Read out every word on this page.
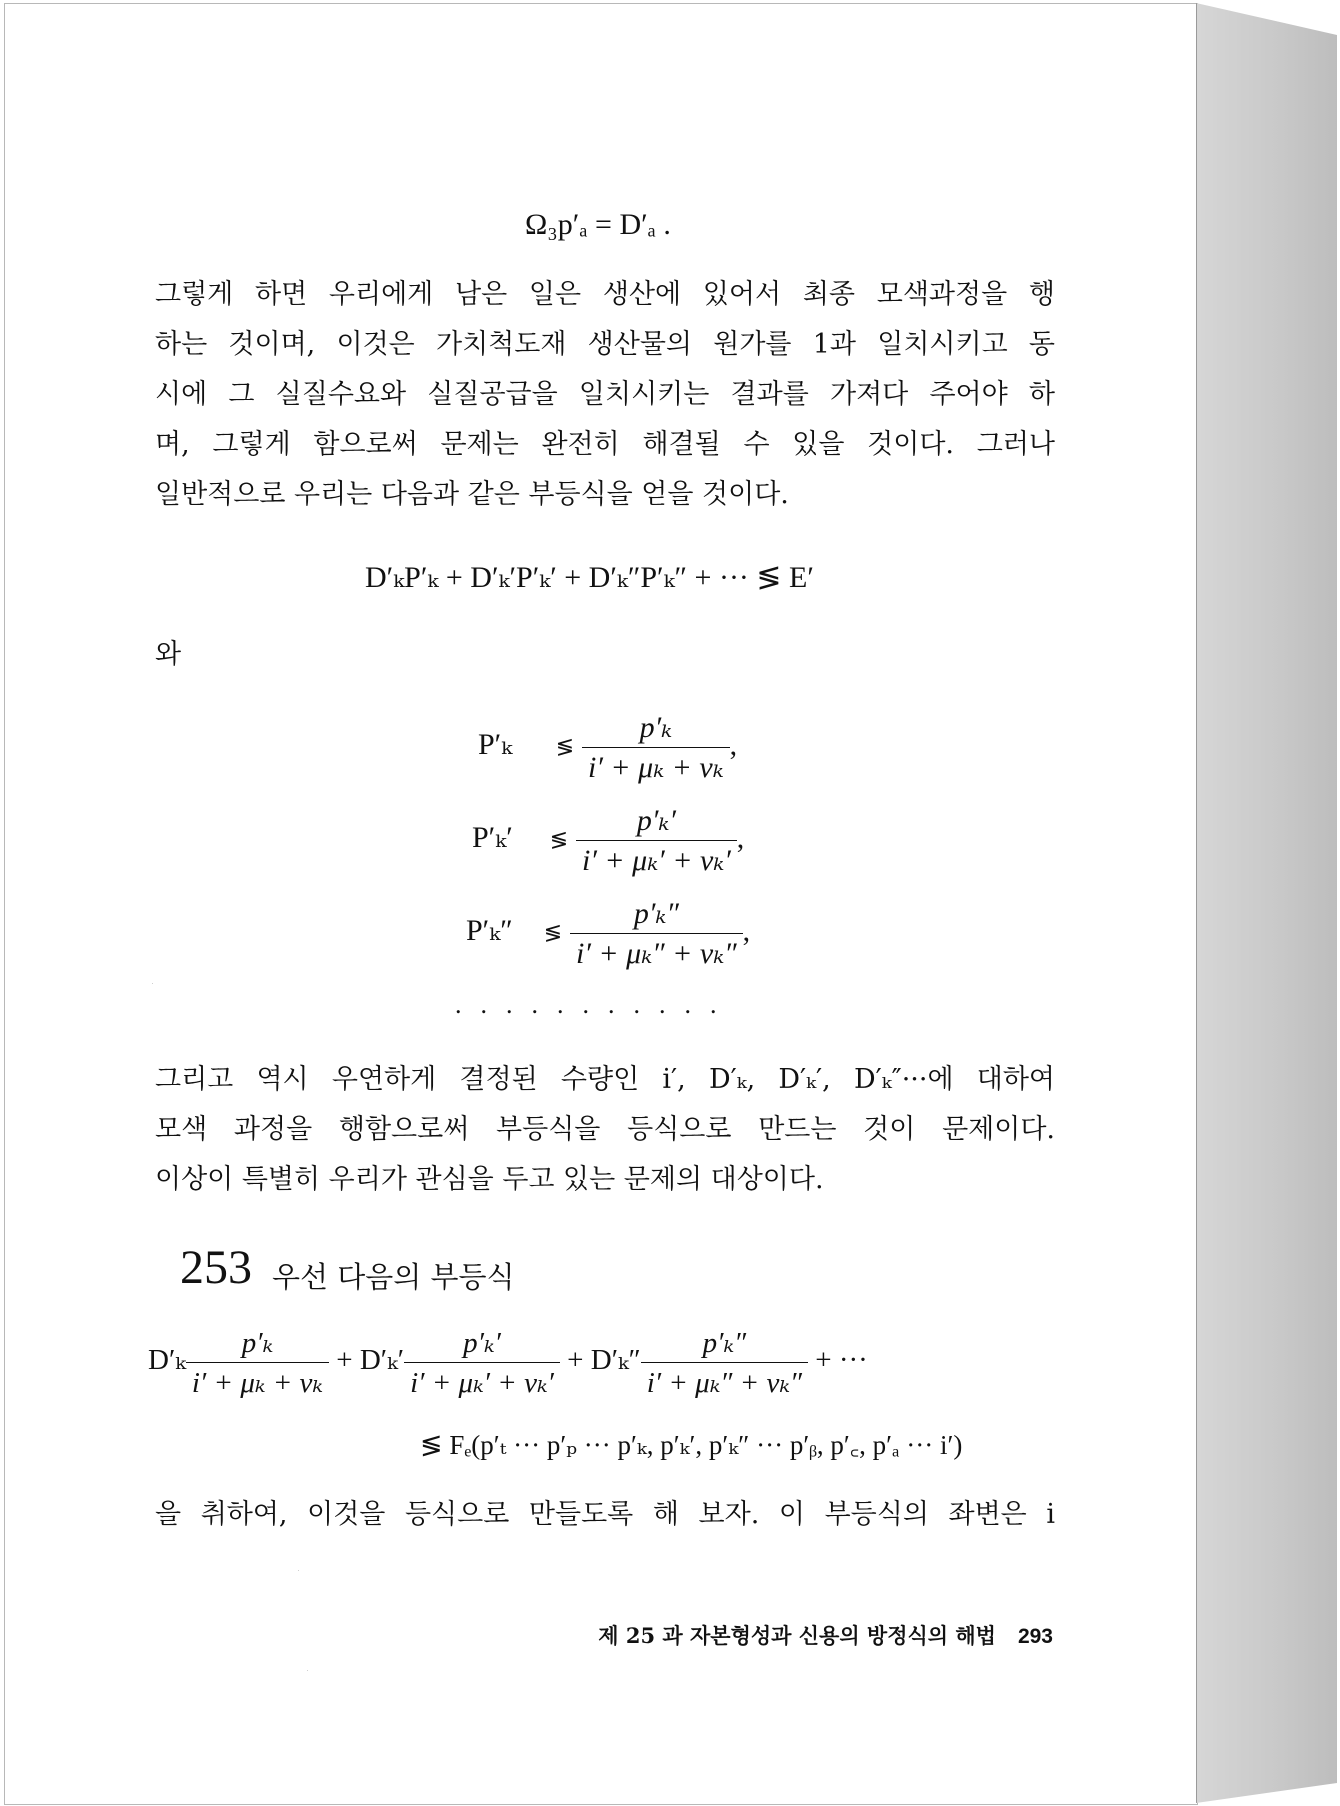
Ω₃p′ₐ = D′ₐ .
그렇게 하면 우리에게 남은 일은 생산에 있어서 최종 모색과정을 행
하는 것이며, 이것은 가치척도재 생산물의 원가를 1과 일치시키고 동
시에 그 실질수요와 실질공급을 일치시키는 결과를 가져다 주어야 하
며, 그렇게 함으로써 문제는 완전히 해결될 수 있을 것이다. 그러나
일반적으로 우리는 다음과 같은 부등식을 얻을 것이다.
D′ₖP′ₖ + D′ₖ′P′ₖ′ + D′ₖ″P′ₖ″ + ··· ≶ E′
와
P′ₖ ≶ $\frac{\text{p′ₖ}}{\text{i′ + μₖ + νₖ}}$ ,
P′ₖ′ ≶ $\frac{\text{p′ₖ′}}{\text{i′ + μₖ′ + νₖ′}}$ ,
P′ₖ″ ≶ $\frac{\text{p′ₖ″}}{\text{i′ + μₖ″ + νₖ″}}$ ,
...........
그리고 역시 우연하게 결정된 수량인 i′, D′ₖ, D′ₖ′, D′ₖ″···에 대하여
모색 과정을 행함으로써 부등식을 등식으로 만드는 것이 문제이다.
이상이 특별히 우리가 관심을 두고 있는 문제의 대상이다.
253 우선 다음의 부등식
$D'_k \frac{\text{p′ₖ}}{\text{i′ + μₖ + νₖ}} + D'_k' \frac{\text{p′ₖ′}}{\text{i′ + μₖ′ + νₖ′}} + D'_k'' \frac{\text{p′ₖ″}}{\text{i′ + μₖ″ + νₖ″}}$ + ···
≶ Fₑ(p′ₜ ··· p′ₚ ··· p′ₖ, p′ₖ′, p′ₖ″ ··· p′ᵦ, p′꜀, p′ₐ ··· i′)
을 취하여, 이것을 등식으로 만들도록 해 보자. 이 부등식의 좌변은 i
제 25 과 자본형성과 신용의 방정식의 해법 293
